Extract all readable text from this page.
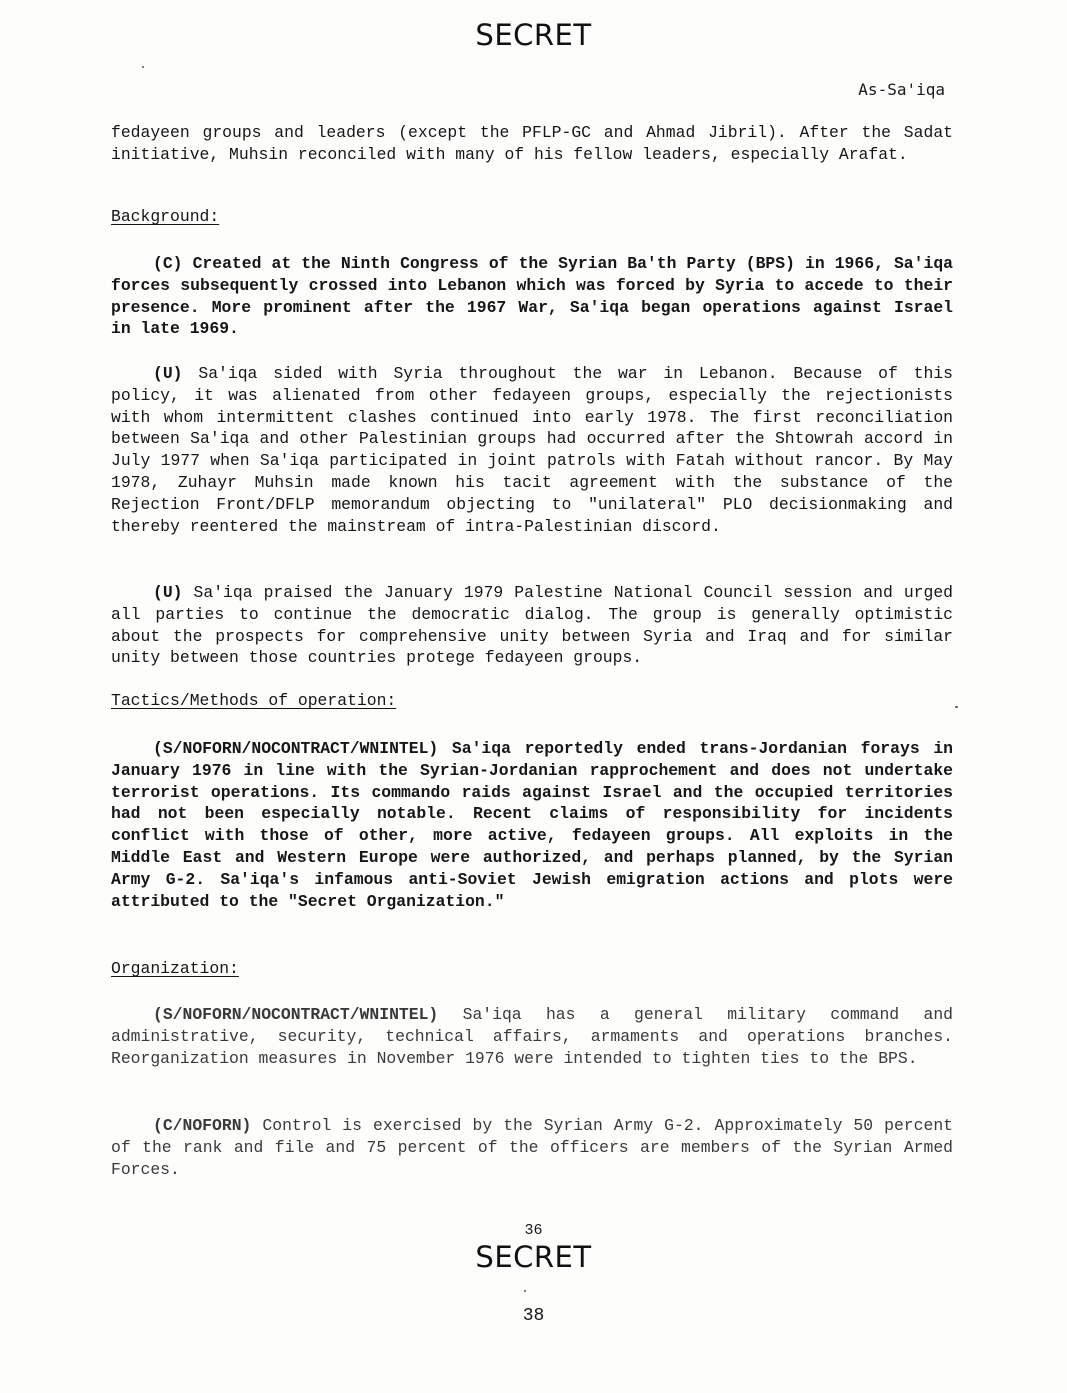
SECRET
As-Sa'iqa

fedayeen groups and leaders (except the PFLP-GC and Ahmad Jibril). After the Sadat initiative, Muhsin reconciled with many of his fellow leaders, especially Arafat.

Background:

(C) Created at the Ninth Congress of the Syrian Ba'th Party (BPS) in 1966, Sa'iqa forces subsequently crossed into Lebanon which was forced by Syria to accede to their presence. More prominent after the 1967 War, Sa'iqa began operations against Israel in late 1969.

(U) Sa'iqa sided with Syria throughout the war in Lebanon. Because of this policy, it was alienated from other fedayeen groups, especially the rejectionists with whom intermittent clashes continued into early 1978. The first reconciliation between Sa'iqa and other Palestinian groups had occurred after the Shtowrah accord in July 1977 when Sa'iqa participated in joint patrols with Fatah without rancor. By May 1978, Zuhayr Muhsin made known his tacit agreement with the substance of the Rejection Front/DFLP memorandum objecting to "unilateral" PLO decisionmaking and thereby reentered the mainstream of intra-Palestinian discord.

(U) Sa'iqa praised the January 1979 Palestine National Council session and urged all parties to continue the democratic dialog. The group is generally optimistic about the prospects for comprehensive unity between Syria and Iraq and for similar unity between those countries protege fedayeen groups.

Tactics/Methods of operation:

(S/NOFORN/NOCONTRACT/WNINTEL) Sa'iqa reportedly ended trans-Jordanian forays in January 1976 in line with the Syrian-Jordanian rapprochement and does not undertake terrorist operations. Its commando raids against Israel and the occupied territories had not been especially notable. Recent claims of responsibility for incidents conflict with those of other, more active, fedayeen groups. All exploits in the Middle East and Western Europe were authorized, and perhaps planned, by the Syrian Army G-2. Sa'iqa's infamous anti-Soviet Jewish emigration actions and plots were attributed to the "Secret Organization."

Organization:

(S/NOFORN/NOCONTRACT/WNINTEL) Sa'iqa has a general military command and administrative, security, technical affairs, armaments and operations branches. Reorganization measures in November 1976 were intended to tighten ties to the BPS.

(C/NOFORN) Control is exercised by the Syrian Army G-2. Approximately 50 percent of the rank and file and 75 percent of the officers are members of the Syrian Armed Forces.

36
SECRET
38
